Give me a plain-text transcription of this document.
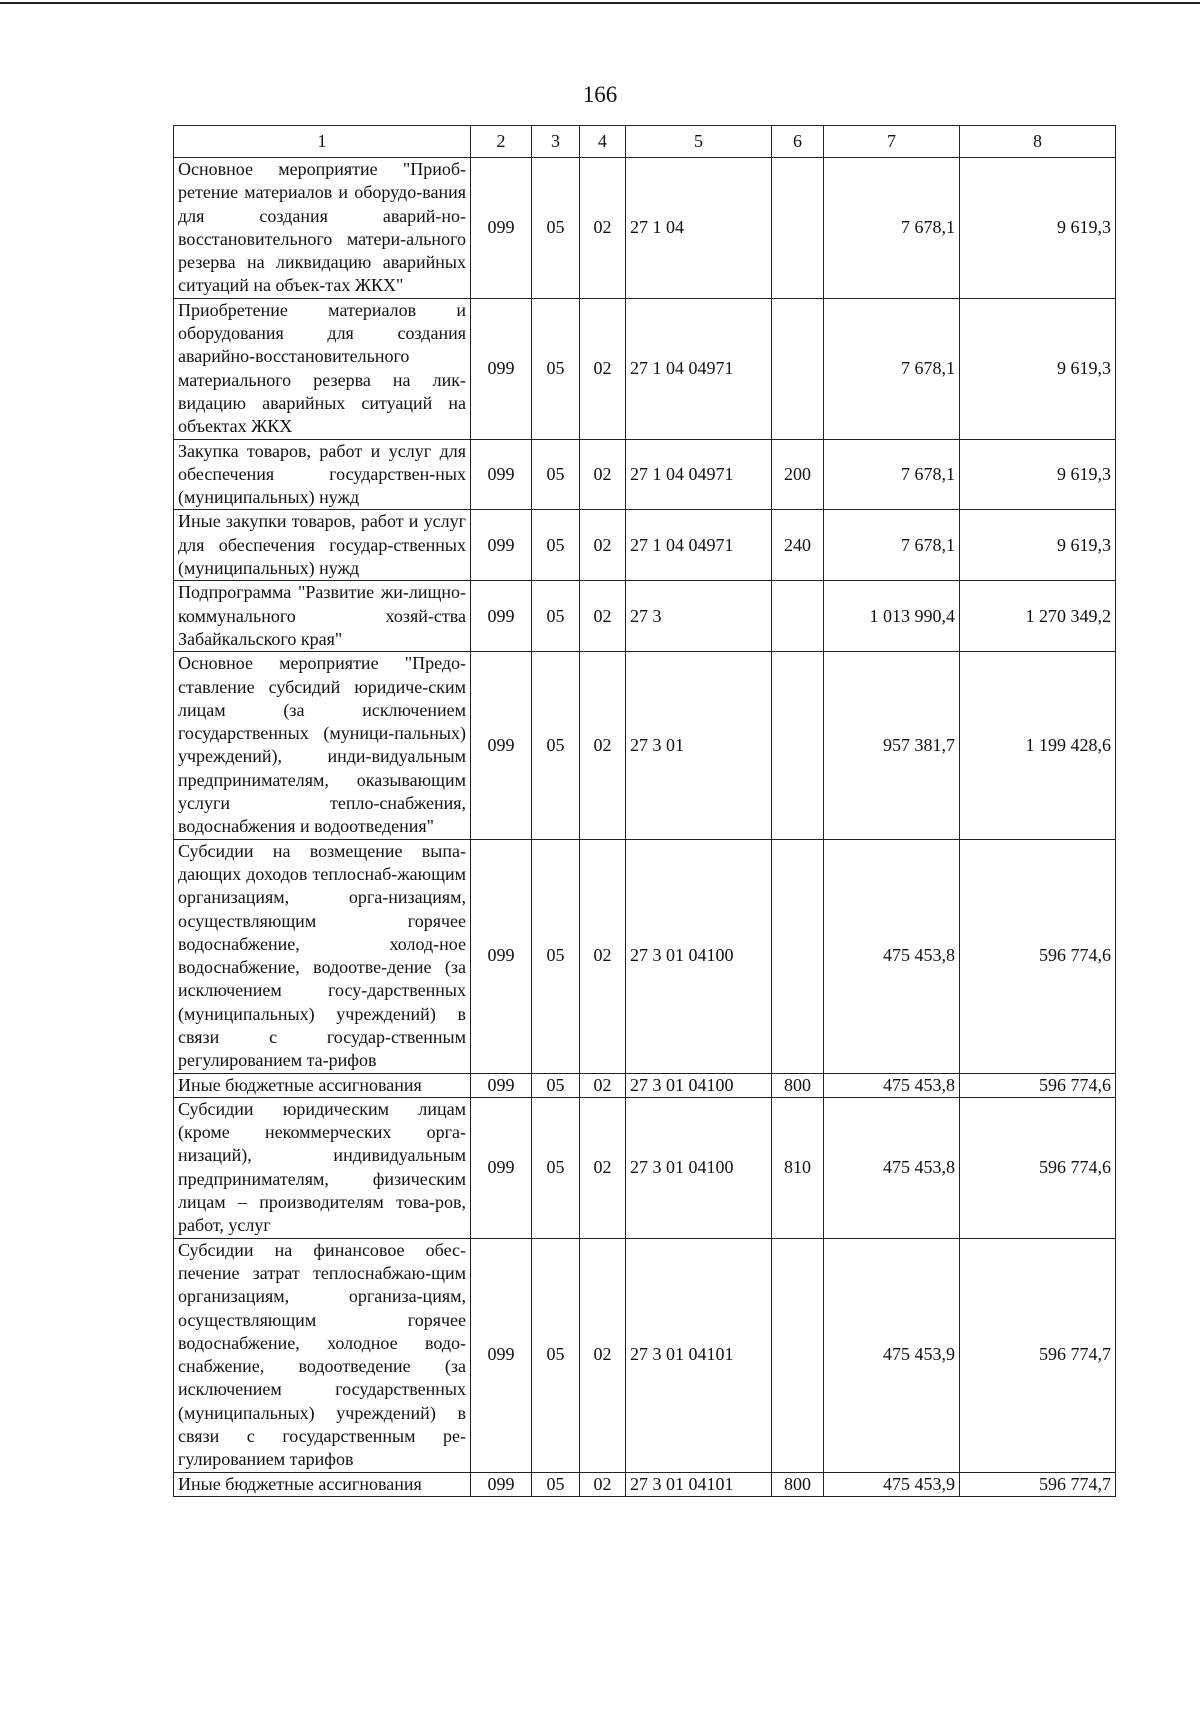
166
1	2	3	4	5	6	7	8
Основное мероприятие "Приоб-ретение материалов и оборудо-вания для создания аварий-но-восстановительного матери-ального резерва на ликвидацию аварийных ситуаций на объек-тах ЖКХ"	099	05	02	27 1 04		7 678,1	9 619,3
Приобретение материалов и оборудования для создания аварийно-восстановительного материального резерва на лик-видацию аварийных ситуаций на объектах ЖКХ	099	05	02	27 1 04 04971		7 678,1	9 619,3
Закупка товаров, работ и услуг для обеспечения государствен-ных (муниципальных) нужд	099	05	02	27 1 04 04971	200	7 678,1	9 619,3
Иные закупки товаров, работ и услуг для обеспечения государ-ственных (муниципальных) нужд	099	05	02	27 1 04 04971	240	7 678,1	9 619,3
Подпрограмма "Развитие жи-лищно-коммунального хозяй-ства Забайкальского края"	099	05	02	27 3		1 013 990,4	1 270 349,2
Основное мероприятие "Предо-ставление субсидий юридиче-ским лицам (за исключением государственных (муници-пальных) учреждений), инди-видуальным предпринимателям, оказывающим услуги тепло-снабжения, водоснабжения и водоотведения"	099	05	02	27 3 01		957 381,7	1 199 428,6
Субсидии на возмещение выпа-дающих доходов теплоснаб-жающим организациям, орга-низациям, осуществляющим горячее водоснабжение, холод-ное водоснабжение, водоотве-дение (за исключением госу-дарственных (муниципальных) учреждений) в связи с государ-ственным регулированием та-рифов	099	05	02	27 3 01 04100		475 453,8	596 774,6
Иные бюджетные ассигнования	099	05	02	27 3 01 04100	800	475 453,8	596 774,6
Субсидии юридическим лицам (кроме некоммерческих орга-низаций), индивидуальным предпринимателям, физическим лицам – производителям това-ров, работ, услуг	099	05	02	27 3 01 04100	810	475 453,8	596 774,6
Субсидии на финансовое обес-печение затрат теплоснабжаю-щим организациям, организа-циям, осуществляющим горячее водоснабжение, холодное водо-снабжение, водоотведение (за исключением государственных (муниципальных) учреждений) в связи с государственным ре-гулированием тарифов	099	05	02	27 3 01 04101		475 453,9	596 774,7
Иные бюджетные ассигнования	099	05	02	27 3 01 04101	800	475 453,9	596 774,7
